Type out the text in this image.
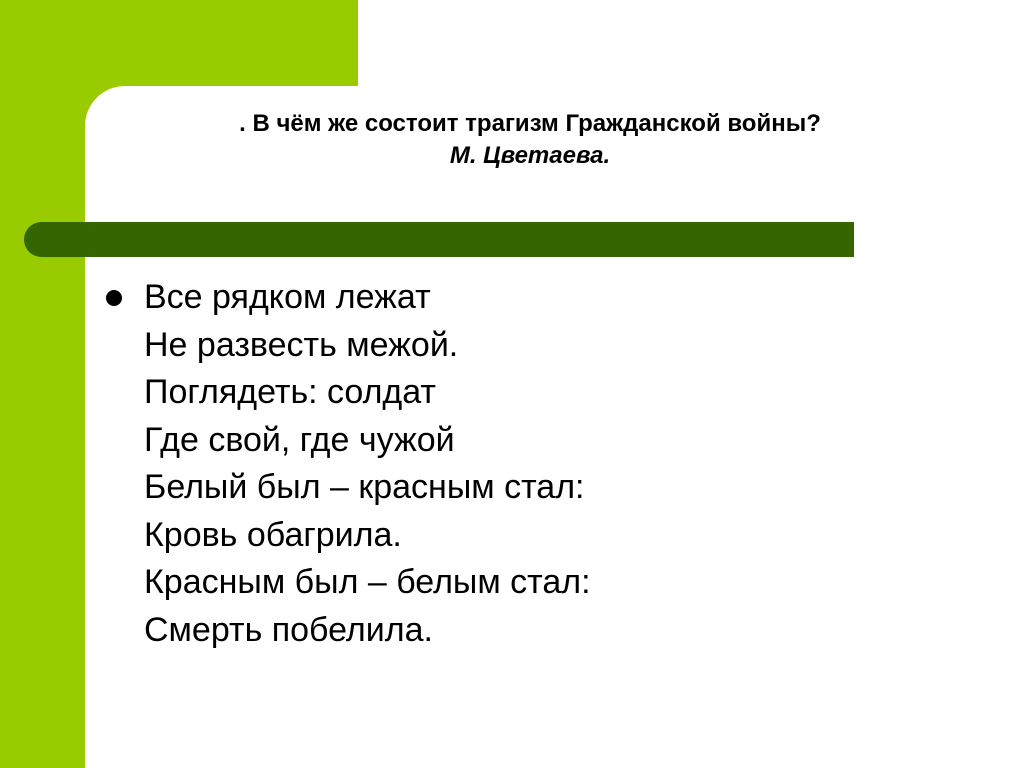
. В чём же состоит трагизм Гражданской войны?
М. Цветаева.
Все рядком лежат
Не развесть межой.
Поглядеть: солдат
Где свой, где чужой
Белый был – красным стал:
Кровь обагрила.
Красным был – белым стал:
Смерть побелила.
